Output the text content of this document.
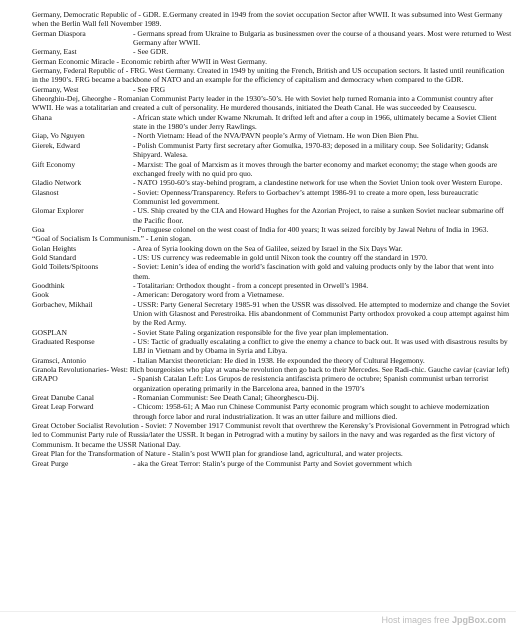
Germany, Democratic Republic of - GDR. E.Germany created in 1949 from the soviet occupation Sector after WWII. It was subsumed into West Germany when the Berlin Wall fell November 1989.
German Diaspora	- Germans spread from Ukraine to Bulgaria as businessmen over the course of a thousand years. Most were returned to West Germany after WWII.
Germany, East	- See GDR.
German Economic Miracle - Economic rebirth after WWII in West Germany.
Germany, Federal Republic of - FRG. West Germany. Created in 1949 by uniting the French, British and US occupation sectors. It lasted until reunification in the 1990’s. FRG became a backbone of NATO and an example for the efficiency of capitalism and democracy when compared to the GDR.
Germany, West	- See FRG
Gheorghiu-Dej, Gheorghe - Romanian Communist Party leader in the 1930’s-50’s. He with Soviet help turned Romania into a Communist country after WWII. He was a totalitarian and created a cult of personality. He murdered thousands, initiated the Death Canal. He was succeeded by Ceausescu.
Ghana	- African state which under Kwame Nkrumah. It drifted left and after a coup in 1966, ultimately became a Soviet Client state in the 1980’s under Jerry Rawlings.
Giap, Vo Nguyen	- North Vietnam: Head of the NVA/PAVN people’s Army of Vietnam. He won Dien Bien Phu.
Gierek, Edward	- Polish Communist Party first secretary after Gomulka, 1970-83; deposed in a military coup. See Solidarity; Gdansk Shipyard. Walesa.
Gift Economy	- Marxist: The goal of Marxism as it moves through the barter economy and market economy; the stage when goods are exchanged freely with no quid pro quo.
Gladio Network	- NATO 1950-60’s stay-behind program, a clandestine network for use when the Soviet Union took over Western Europe.
Glasnost	- Soviet: Openness/Transparency. Refers to Gorbachev’s attempt 1986-91 to create a more open, less bureaucratic Communist led government.
Glomar Explorer	- US. Ship created by the CIA and Howard Hughes for the Azorian Project, to raise a sunken Soviet nuclear submarine off the Pacific floor.
Goa	- Portuguese colonel on the west coast of India for 400 years; It was seized forcibly by Jawal Nehru of India in 1963.
“Goal of Socialism Is Communism.” - Lenin slogan.
Golan Heights	- Area of Syria looking down on the Sea of Galilee, seized by Israel in the Six Days War.
Gold Standard	- US: US currency was redeemable in gold until Nixon took the country off the standard in 1970.
Gold Toilets/Spitoons	- Soviet: Lenin’s idea of ending the world’s fascination with gold and valuing products only by the labor that went into them.
Goodthink	- Totalitarian: Orthodox thought - from a concept presented in Orwell’s 1984.
Gook	- American: Derogatory word from a Vietnamese.
Gorbachev, Mikhail	- USSR: Party General Secretary 1985-91 when the USSR was dissolved. He attempted to modernize and change the Soviet Union with Glasnost and Perestroika. His abandonment of Communist Party orthodox provoked a coup attempt against him by the Red Army.
GOSPLAN	- Soviet State Paling organization responsible for the five year plan implementation.
Graduated Response	- US: Tactic of gradually escalating a conflict to give the enemy a chance to back out. It was used with disastrous results by LBJ in Vietnam and by Obama in Syria and Libya.
Gramsci, Antonio	- Italian Marxist theoretician: He died in 1938. He expounded the theory of Cultural Hegemony.
Granola Revolutionaries- West: Rich bourgeoisies who play at wana-be revolution then go back to their Mercedes. See Radi-chic. Gauche caviar (caviar left)
GRAPO	- Spanish Catalan Left: Los Grupos de resistencia antifascista primero de octubre; Spanish communist urban terrorist organization operating primarily in the Barcelona area, banned in the 1970’s
Great Danube Canal	- Romanian Communist: See Death Canal; Gheorghescu-Dij.
Great Leap Forward	- Chicom: 1958-61; A Mao run Chinese Communist Party economic program which sought to achieve modernization through force labor and rural industrialization. It was an utter failure and millions died.
Great October Socialist Revolution - Soviet: 7 November 1917 Communist revolt that overthrew the Kerensky’s Provisional Government in Petrograd which led to Communist Party rule of Russia/later the USSR. It began in Petrograd with a mutiny by sailors in the navy and was regarded as the first victory of Communism. It became the USSR National Day.
Great Plan for the Transformation of Nature - Stalin’s post WWII plan for grandiose land, agricultural, and water projects.
Great Purge	- aka the Great Terror: Stalin’s purge of the Communist Party and Soviet government which
Host images free JpgBox.com
